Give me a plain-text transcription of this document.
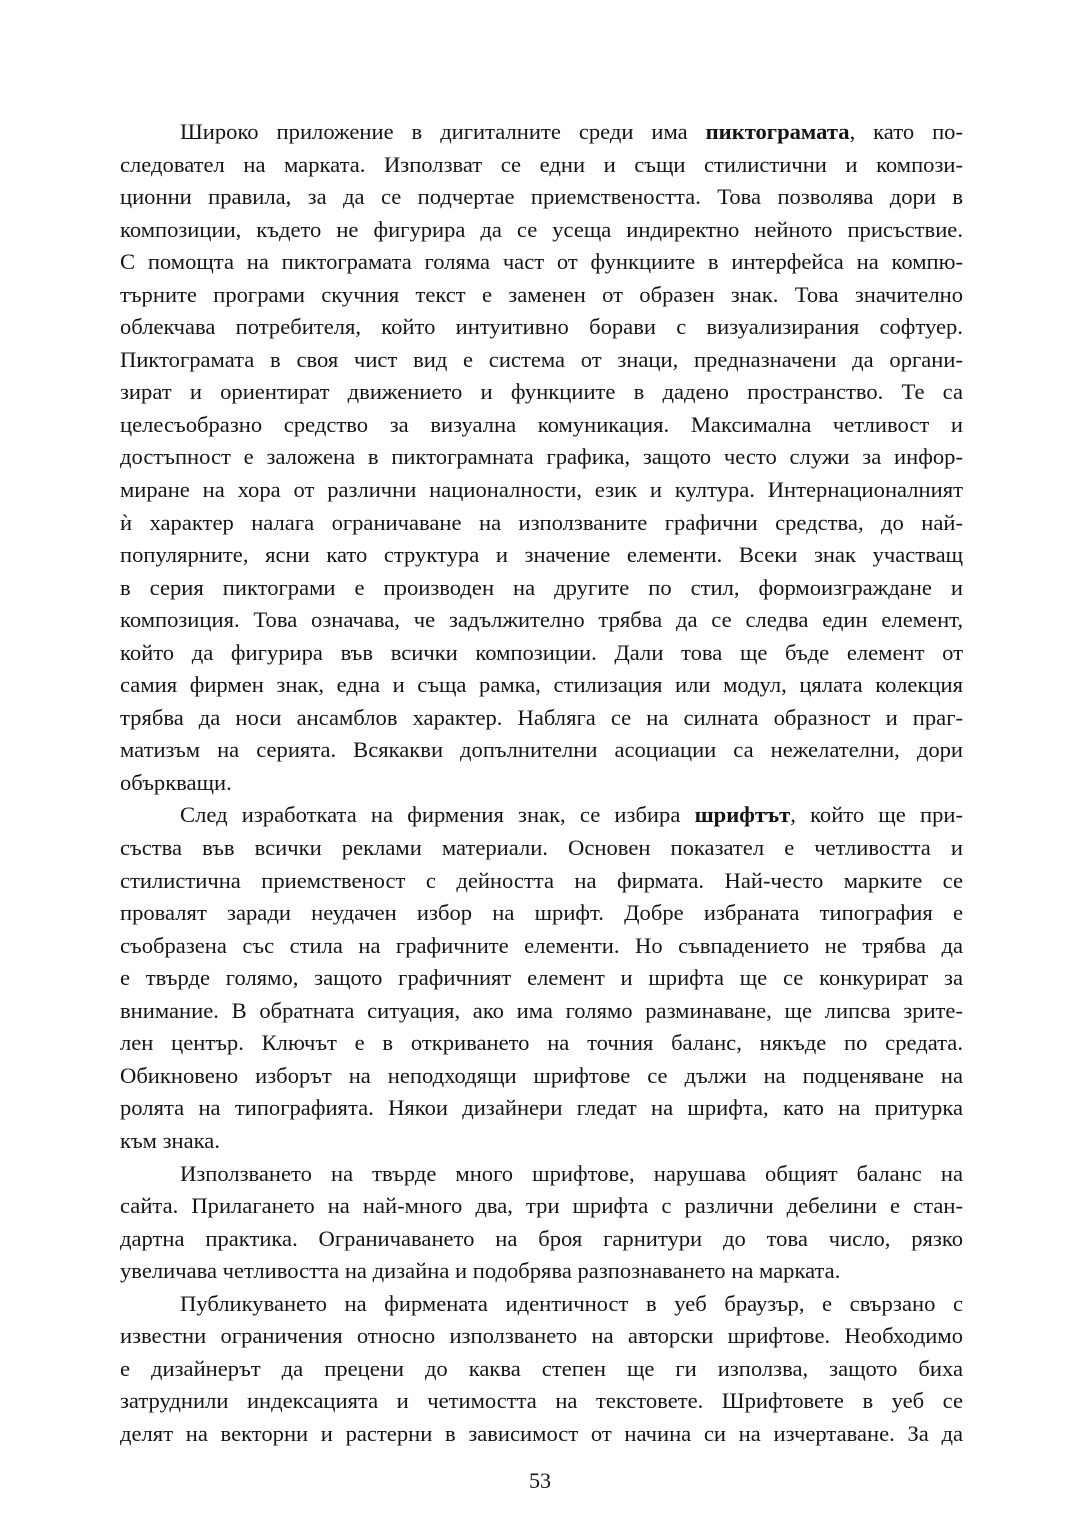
Широко приложение в дигиталните среди има пиктограмата, като по-
следовател на марката. Използват се едни и същи стилистични и компози-
ционни правила, за да се подчертае приемствеността. Това позволява дори в
композиции, където не фигурира да се усеща индиректно нейното присъствие.
С помощта на пиктограмата голяма част от функциите в интерфейса на компю-
търните програми скучния текст е заменен от образен знак. Това значително
облекчава потребителя, който интуитивно борави с визуализирания софтуер.
Пиктограмата в своя чист вид е система от знаци, предназначени да органи-
зират и ориентират движението и функциите в дадено пространство. Те са
целесъобразно средство за визуална комуникация. Максимална четливост и
достъпност е заложена в пиктограмната графика, защото често служи за инфор-
миране на хора от различни националности, език и култура. Интернационалният
ѝ характер налага ограничаване на използваните графични средства, до най-
популярните, ясни като структура и значение елементи. Всеки знак участващ
в серия пиктограми е производен на другите по стил, формоизграждане и
композиция. Това означава, че задължително трябва да се следва един елемент,
който да фигурира във всички композиции. Дали това ще бъде елемент от
самия фирмен знак, една и съща рамка, стилизация или модул, цялата колекция
трябва да носи ансамблов характер. Набляга се на силната образност и праг-
матизъм на серията. Всякакви допълнителни асоциации са нежелателни, дори
объркващи.
След изработката на фирмения знак, се избира шрифтът, който ще при-
съства във всички реклами материали. Основен показател е четливостта и
стилистична приемственост с дейността на фирмата. Най-често марките се
провалят заради неудачен избор на шрифт. Добре избраната типография е
съобразена със стила на графичните елементи. Но съвпадението не трябва да
е твърде голямо, защото графичният елемент и шрифта ще се конкурират за
внимание. В обратната ситуация, ако има голямо разминаване, ще липсва зрите-
лен център. Ключът е в откриването на точния баланс, някъде по средата.
Обикновено изборът на неподходящи шрифтове се дължи на подценяване на
ролята на типографията. Някои дизайнери гледат на шрифта, като на притурка
към знака.
Използването на твърде много шрифтове, нарушава общият баланс на
сайта. Прилагането на най-много два, три шрифта с различни дебелини е стан-
дартна практика. Ограничаването на броя гарнитури до това число, рязко
увеличава четливостта на дизайна и подобрява разпознаването на марката.
Публикуването на фирмената идентичност в уеб браузър, е свързано с
известни ограничения относно използването на авторски шрифтове. Необходимо
е дизайнерът да прецени до каква степен ще ги използва, защото биха
затруднили индексацията и четимостта на текстовете. Шрифтовете в уеб се
делят на векторни и растерни в зависимост от начина си на изчертаване. За да
53
